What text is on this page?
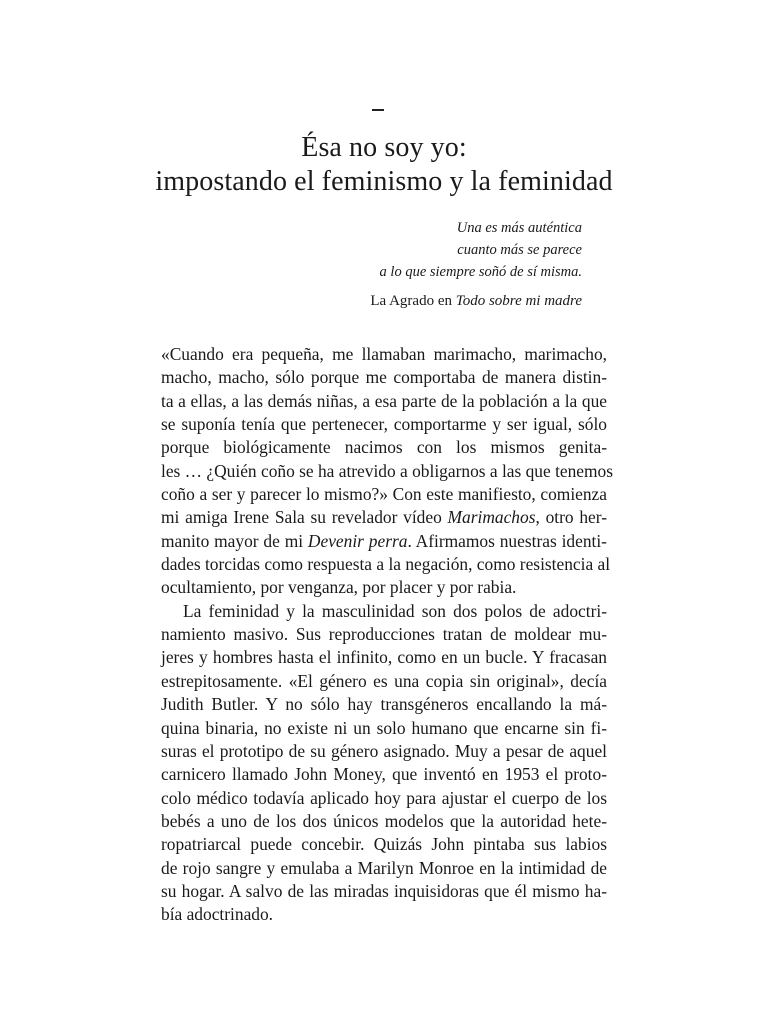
Ésa no soy yo:
impostando el feminismo y la feminidad
Una es más auténtica
cuanto más se parece
a lo que siempre soñó de sí misma.
La Agrado en Todo sobre mi madre
«Cuando era pequeña, me llamaban marimacho, marimacho,
macho, macho, sólo porque me comportaba de manera distin-
ta a ellas, a las demás niñas, a esa parte de la población a la que
se suponía tenía que pertenecer, comportarme y ser igual, sólo
porque biológicamente nacimos con los mismos genita-
les … ¿Quién coño se ha atrevido a obligarnos a las que tenemos
coño a ser y parecer lo mismo?» Con este manifiesto, comienza
mi amiga Irene Sala su revelador vídeo Marimachos, otro her-
manito mayor de mi Devenir perra. Afirmamos nuestras identi-
dades torcidas como respuesta a la negación, como resistencia al
ocultamiento, por venganza, por placer y por rabia.
La feminidad y la masculinidad son dos polos de adoctri-
namiento masivo. Sus reproducciones tratan de moldear mu-
jeres y hombres hasta el infinito, como en un bucle. Y fracasan
estrepitosamente. «El género es una copia sin original», decía
Judith Butler. Y no sólo hay transgéneros encallando la má-
quina binaria, no existe ni un solo humano que encarne sin fi-
suras el prototipo de su género asignado. Muy a pesar de aquel
carnicero llamado John Money, que inventó en 1953 el proto-
colo médico todavía aplicado hoy para ajustar el cuerpo de los
bebés a uno de los dos únicos modelos que la autoridad hete-
ropatriarcal puede concebir. Quizás John pintaba sus labios
de rojo sangre y emulaba a Marilyn Monroe en la intimidad de
su hogar. A salvo de las miradas inquisidoras que él mismo ha-
bía adoctrinado.
